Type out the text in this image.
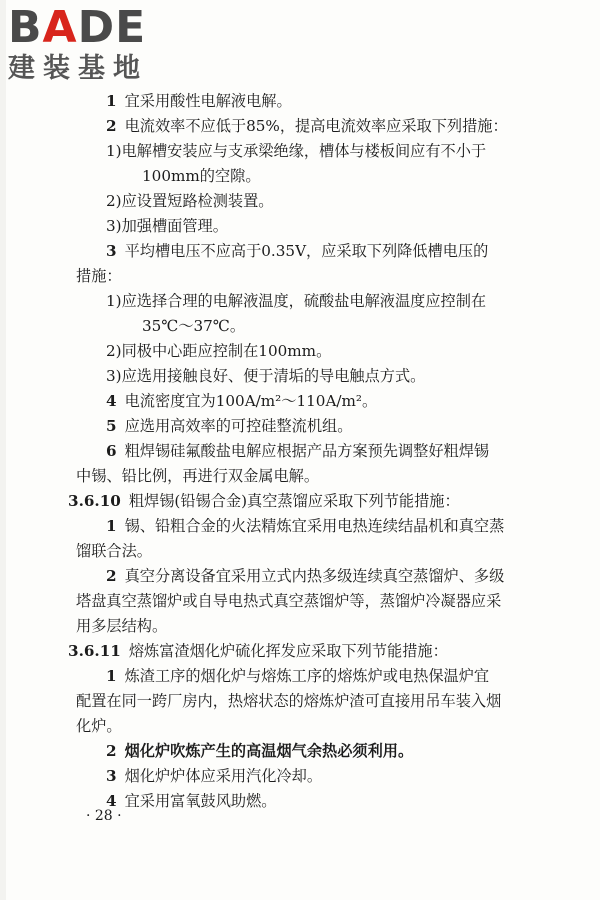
BADE
建装基地
1 宜采用酸性电解液电解。
2 电流效率不应低于85%，提高电流效率应采取下列措施：
1)电解槽安装应与支承梁绝缘，槽体与楼板间应有不小于
100mm的空隙。
2)应设置短路检测装置。
3)加强槽面管理。
3 平均槽电压不应高于0.35V，应采取下列降低槽电压的
措施：
1)应选择合理的电解液温度，硫酸盐电解液温度应控制在
35℃～37℃。
2)同极中心距应控制在100mm。
3)应选用接触良好、便于清垢的导电触点方式。
4 电流密度宜为100A/m²～110A/m²。
5 应选用高效率的可控硅整流机组。
6 粗焊锡硅氟酸盐电解应根据产品方案预先调整好粗焊锡
中锡、铅比例，再进行双金属电解。
3.6.10 粗焊锡(铅锡合金)真空蒸馏应采取下列节能措施：
1 锡、铅粗合金的火法精炼宜采用电热连续结晶机和真空蒸
馏联合法。
2 真空分离设备宜采用立式内热多级连续真空蒸馏炉、多级
塔盘真空蒸馏炉或自导电热式真空蒸馏炉等，蒸馏炉冷凝器应采
用多层结构。
3.6.11 熔炼富渣烟化炉硫化挥发应采取下列节能措施：
1 炼渣工序的烟化炉与熔炼工序的熔炼炉或电热保温炉宜
配置在同一跨厂房内，热熔状态的熔炼炉渣可直接用吊车装入烟
化炉。
2 烟化炉吹炼产生的高温烟气余热必须利用。
3 烟化炉炉体应采用汽化冷却。
4 宜采用富氧鼓风助燃。
· 28 ·
